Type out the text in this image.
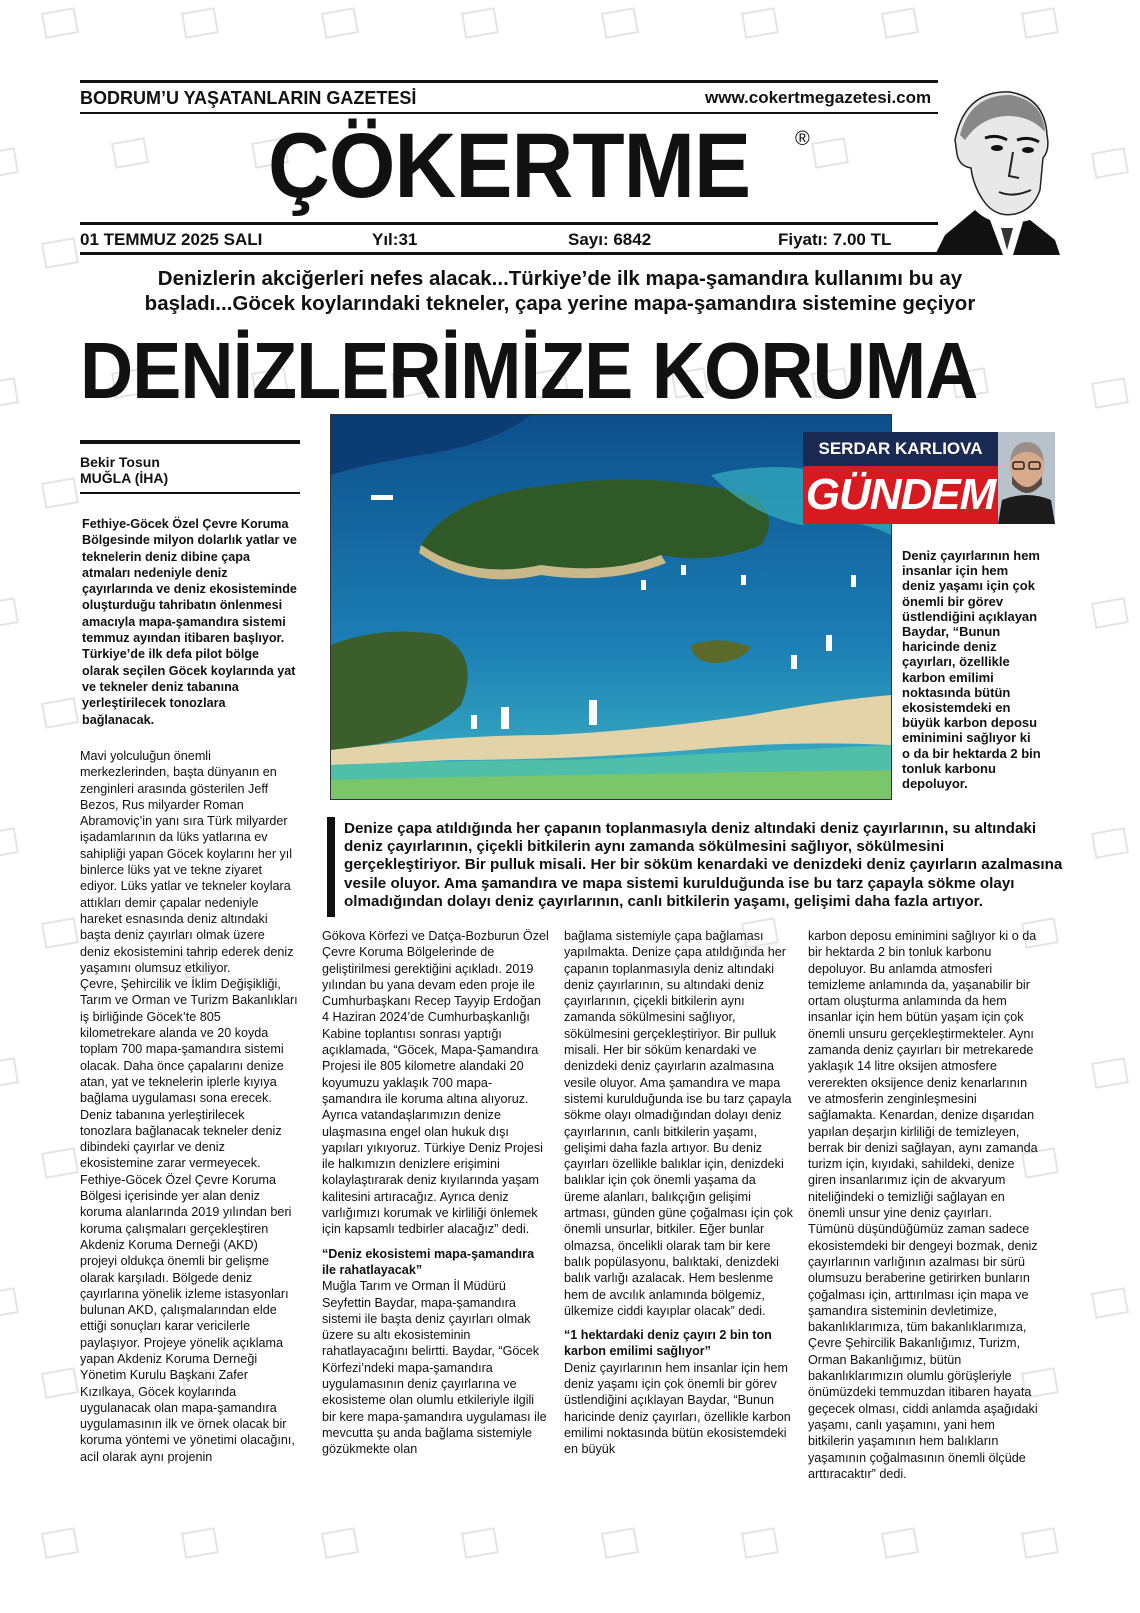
BODRUM’U YAŞATANLARIN GAZETESİ	www.cokertmegazetesi.com
ÇÖKERTME ®
01 TEMMUZ 2025 SALI	Yıl:31	Sayı: 6842	Fiyatı: 7.00 TL
Denizlerin akciğerleri nefes alacak...Türkiye’de ilk mapa-şamandıra kullanımı bu ay başladı...Göcek koylarındaki tekneler, çapa yerine mapa-şamandıra sistemine geçiyor
DENİZLERİMİZE KORUMA
Bekir Tosun
MUĞLA (İHA)
Fethiye-Göcek Özel Çevre Koruma Bölgesinde milyon dolarlık yatlar ve teknelerin deniz dibine çapa atmaları nedeniyle deniz çayırlarında ve deniz ekosisteminde oluşturduğu tahribatın önlenmesi amacıyla mapa-şamandıra sistemi temmuz ayından itibaren başlıyor. Türkiye’de ilk defa pilot bölge olarak seçilen Göcek koylarında yat ve tekneler deniz tabanına yerleştirilecek tonozlara bağlanacak.
SERDAR KARLIOVA
GÜNDEM
Deniz çayırlarının hem insanlar için hem deniz yaşamı için çok önemli bir görev üstlendiğini açıklayan Baydar, “Bunun haricinde deniz çayırları, özellikle karbon emilimi noktasında bütün ekosistemdeki en büyük karbon deposu eminimini sağlıyor ki o da bir hektarda 2 bin tonluk karbonu depoluyor.
Denize çapa atıldığında her çapanın toplanmasıyla deniz altındaki deniz çayırlarının, su altındaki deniz çayırlarının, çiçekli bitkilerin aynı zamanda sökülmesini sağlıyor, sökülmesini gerçekleştiriyor. Bir pulluk misali. Her bir söküm kenardaki ve denizdeki deniz çayırların azalmasına vesile oluyor. Ama şamandıra ve mapa sistemi kurulduğunda ise bu tarz çapayla sökme olayı olmadığından dolayı deniz çayırlarının, canlı bitkilerin yaşamı, gelişimi daha fazla artıyor.

Mavi yolculuğun önemli merkezlerinden, başta dünyanın en zenginleri arasında gösterilen Jeff Bezos, Rus milyarder Roman Abramoviç’in yanı sıra Türk milyarder işadamlarının da lüks yatlarına ev sahipliği yapan Göcek koylarını her yıl binlerce lüks yat ve tekne ziyaret ediyor. Lüks yatlar ve tekneler koylara attıkları demir çapalar nedeniyle hareket esnasında deniz altındaki başta deniz çayırları olmak üzere deniz ekosistemini tahrip ederek deniz yaşamını olumsuz etkiliyor.

Çevre, Şehircilik ve İklim Değişikliği, Tarım ve Orman ve Turizm Bakanlıkları iş birliğinde Göcek’te 805 kilometrekare alanda ve 20 koyda toplam 700 mapa-şamandıra sistemi olacak. Daha önce çapalarını denize atan, yat ve teknelerin iplerle kıyıya bağlama uygulaması sona erecek. Deniz tabanına yerleştirilecek tonozlara bağlanacak tekneler deniz dibindeki çayırlar ve deniz ekosistemine zarar vermeyecek.

Fethiye-Göcek Özel Çevre Koruma Bölgesi içerisinde yer alan deniz koruma alanlarında 2019 yılından beri koruma çalışmaları gerçekleştiren Akdeniz Koruma Derneği (AKD) projeyi oldukça önemli bir gelişme olarak karşıladı. Bölgede deniz çayırlarına yönelik izleme istasyonları bulunan AKD, çalışmalarından elde ettiği sonuçları karar vericilerle paylaşıyor. Projeye yönelik açıklama yapan Akdeniz Koruma Derneği Yönetim Kurulu Başkanı Zafer Kızılkaya, Göcek koylarında uygulanacak olan mapa-şamandıra uygulamasının ilk ve örnek olacak bir koruma yöntemi ve yönetimi olacağını, acil olarak aynı projenin

Gökova Körfezi ve Datça-Bozburun Özel Çevre Koruma Bölgelerinde de geliştirilmesi gerektiğini açıkladı. 2019 yılından bu yana devam eden proje ile Cumhurbaşkanı Recep Tayyip Erdoğan 4 Haziran 2024’de Cumhurbaşkanlığı Kabine toplantısı sonrası yaptığı açıklamada, “Göcek, Mapa-Şamandıra Projesi ile 805 kilometre alandaki 20 koyumuzu yaklaşık 700 mapa-şamandıra ile koruma altına alıyoruz. Ayrıca vatandaşlarımızın denize ulaşmasına engel olan hukuk dışı yapıları yıkıyoruz. Türkiye Deniz Projesi ile halkımızın denizlere erişimini kolaylaştırarak deniz kıyılarında yaşam kalitesini artıracağız. Ayrıca deniz varlığımızı korumak ve kirliliği önlemek için kapsamlı tedbirler alacağız” dedi.

“Deniz ekosistemi mapa-şamandıra ile rahatlayacak”

Muğla Tarım ve Orman İl Müdürü Seyfettin Baydar, mapa-şamandıra sistemi ile başta deniz çayırları olmak üzere su altı ekosisteminin rahatlayacağını belirtti. Baydar, “Göcek Körfezi’ndeki mapa-şamandıra uygulamasının deniz çayırlarına ve ekosisteme olan olumlu etkileriyle ilgili bir kere mapa-şamandıra uygulaması ile mevcutta şu anda bağlama sistemiyle gözükmekte olan

bağlama sistemiyle çapa bağlaması yapılmakta. Denize çapa atıldığında her çapanın toplanmasıyla deniz altındaki deniz çayırlarının, su altındaki deniz çayırlarının, çiçekli bitkilerin aynı zamanda sökülmesini sağlıyor, sökülmesini gerçekleştiriyor. Bir pulluk misali. Her bir söküm kenardaki ve denizdeki deniz çayırların azalmasına vesile oluyor. Ama şamandıra ve mapa sistemi kurulduğunda ise bu tarz çapayla sökme olayı olmadığından dolayı deniz çayırlarının, canlı bitkilerin yaşamı, gelişimi daha fazla artıyor. Bu deniz çayırları özellikle balıklar için, denizdeki balıklar için çok önemli yaşama da üreme alanları, balıkçığın gelişimi artması, günden güne çoğalması için çok önemli unsurlar, bitkiler. Eğer bunlar olmazsa, öncelikli olarak tam bir kere balık popülasyonu, balıktaki, denizdeki balık varlığı azalacak. Hem beslenme hem de avcılık anlamında bölgemiz, ülkemize ciddi kayıplar olacak” dedi.

“1 hektardaki deniz çayırı 2 bin ton karbon emilimi sağlıyor”

Deniz çayırlarının hem insanlar için hem deniz yaşamı için çok önemli bir görev üstlendiğini açıklayan Baydar, “Bunun haricinde deniz çayırları, özellikle karbon emilimi noktasında bütün ekosistemdeki en büyük

karbon deposu eminimini sağlıyor ki o da bir hektarda 2 bin tonluk karbonu depoluyor. Bu anlamda atmosferi temizleme anlamında da, yaşanabilir bir ortam oluşturma anlamında da hem insanlar için hem bütün yaşam için çok önemli unsuru gerçekleştirmekteler. Aynı zamanda deniz çayırları bir metrekarede yaklaşık 14 litre oksijen atmosfere vererekten oksijence deniz kenarlarının ve atmosferin zenginleşmesini sağlamakta. Kenardan, denize dışarıdan yapılan deşarjın kirliliği de temizleyen, berrak bir denizi sağlayan, aynı zamanda turizm için, kıyıdaki, sahildeki, denize giren insanlarımız için de akvaryum niteliğindeki o temizliği sağlayan en önemli unsur yine deniz çayırları. Tümünü düşündüğümüz zaman sadece ekosistemdeki bir dengeyi bozmak, deniz çayırlarının varlığının azalması bir sürü olumsuzu beraberine getirirken bunların çoğalması için, arttırılması için mapa ve şamandıra sisteminin devletimize, bakanlıklarımıza, tüm bakanlıklarımıza, Çevre Şehircilik Bakanlığımız, Turizm, Orman Bakanlığımız, bütün bakanlıklarımızın olumlu görüşleriyle önümüzdeki temmuzdan itibaren hayata geçecek olması, ciddi anlamda aşağıdaki yaşamı, canlı yaşamını, yani hem bitkilerin yaşamının hem balıkların yaşamının çoğalmasının önemli ölçüde arttıracaktır” dedi.
